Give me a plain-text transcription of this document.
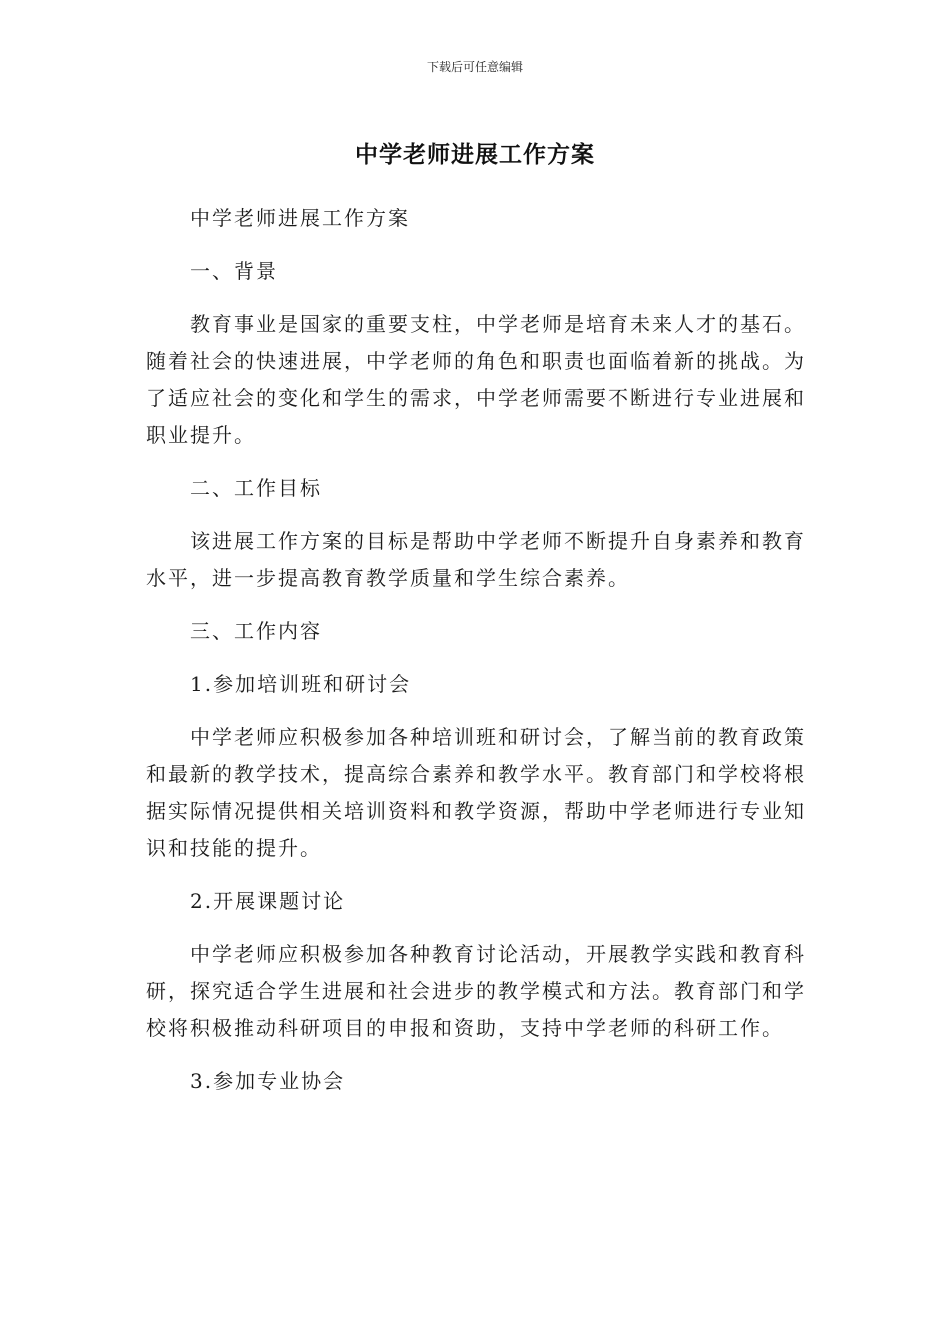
下载后可任意编辑
中学老师进展工作方案

中学老师进展工作方案

一、背景

教育事业是国家的重要支柱，中学老师是培育未来人才的基石。随着社会的快速进展，中学老师的角色和职责也面临着新的挑战。为了适应社会的变化和学生的需求，中学老师需要不断进行专业进展和职业提升。

二、工作目标

该进展工作方案的目标是帮助中学老师不断提升自身素养和教育水平，进一步提高教育教学质量和学生综合素养。

三、工作内容

1.参加培训班和研讨会

中学老师应积极参加各种培训班和研讨会，了解当前的教育政策和最新的教学技术，提高综合素养和教学水平。教育部门和学校将根据实际情况提供相关培训资料和教学资源，帮助中学老师进行专业知识和技能的提升。

2.开展课题讨论

中学老师应积极参加各种教育讨论活动，开展教学实践和教育科研，探究适合学生进展和社会进步的教学模式和方法。教育部门和学校将积极推动科研项目的申报和资助，支持中学老师的科研工作。

3.参加专业协会
